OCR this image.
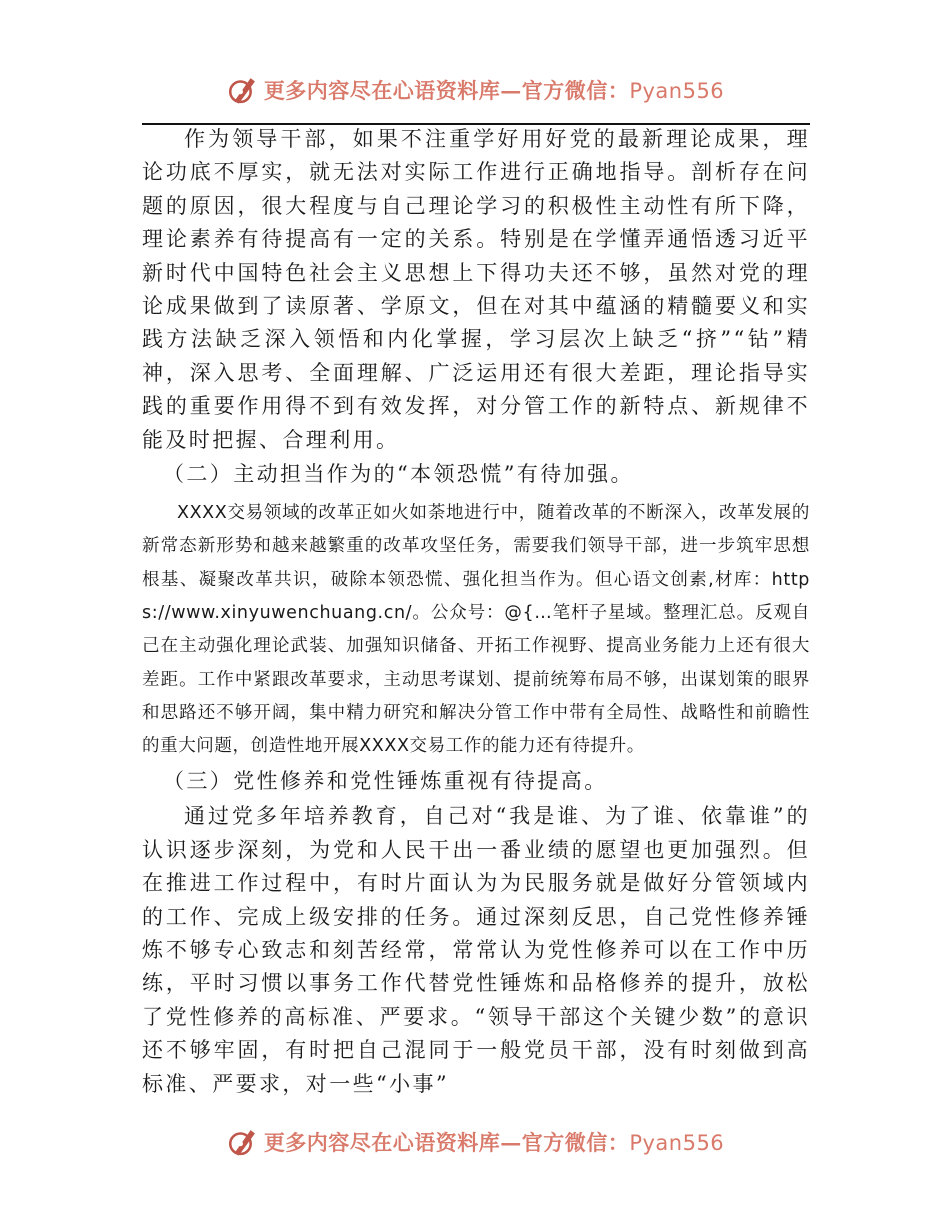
更多内容尽在心语资料库—官方微信：Pyan556

作为领导干部，如果不注重学好用好党的最新理论成果，理论功底不厚实，就无法对实际工作进行正确地指导。剖析存在问题的原因，很大程度与自己理论学习的积极性主动性有所下降，理论素养有待提高有一定的关系。特别是在学懂弄通悟透习近平新时代中国特色社会主义思想上下得功夫还不够，虽然对党的理论成果做到了读原著、学原文，但在对其中蕴涵的精髓要义和实践方法缺乏深入领悟和内化掌握，学习层次上缺乏“挤”“钻”精神，深入思考、全面理解、广泛运用还有很大差距，理论指导实践的重要作用得不到有效发挥，对分管工作的新特点、新规律不能及时把握、合理利用。

（二）主动担当作为的“本领恐慌”有待加强。

XXXX交易领域的改革正如火如荼地进行中，随着改革的不断深入，改革发展的新常态新形势和越来越繁重的改革攻坚任务，需要我们领导干部，进一步筑牢思想根基、凝聚改革共识，破除本领恐慌、强化担当作为。但心语文创素,材库：https://www.xinyuwenchuang.cn/。公众号：@{…笔杆子星域。整理汇总。反观自己在主动强化理论武装、加强知识储备、开拓工作视野、提高业务能力上还有很大差距。工作中紧跟改革要求，主动思考谋划、提前统筹布局不够，出谋划策的眼界和思路还不够开阔，集中精力研究和解决分管工作中带有全局性、战略性和前瞻性的重大问题，创造性地开展XXXX交易工作的能力还有待提升。

（三）党性修养和党性锤炼重视有待提高。

通过党多年培养教育，自己对“我是谁、为了谁、依靠谁”的认识逐步深刻，为党和人民干出一番业绩的愿望也更加强烈。但在推进工作过程中，有时片面认为为民服务就是做好分管领域内的工作、完成上级安排的任务。通过深刻反思，自己党性修养锤炼不够专心致志和刻苦经常，常常认为党性修养可以在工作中历练，平时习惯以事务工作代替党性锤炼和品格修养的提升，放松了党性修养的高标准、严要求。“领导干部这个关键少数”的意识还不够牢固，有时把自己混同于一般党员干部，没有时刻做到高标准、严要求，对一些“小事”

更多内容尽在心语资料库—官方微信：Pyan556
